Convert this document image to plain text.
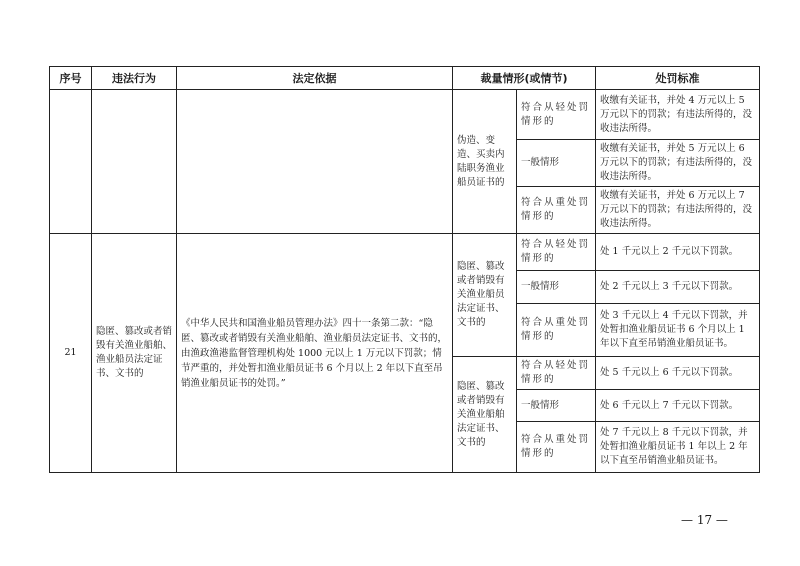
序号	违法行为	法定依据	裁量情形(或情节)		处罚标准
			伪造、变造、买卖内陆职务渔业船员证书的	符合从轻处罚情形的	收缴有关证书，并处 4 万元以上 5 万元以下的罚款；有违法所得的，没收违法所得。
				一般情形	收缴有关证书，并处 5 万元以上 6 万元以下的罚款；有违法所得的，没收违法所得。
				符合从重处罚情形的	收缴有关证书，并处 6 万元以上 7 万元以下的罚款；有违法所得的，没收违法所得。
21	隐匿、篡改或者销毁有关渔业船舶、渔业船员法定证书、文书的	《中华人民共和国渔业船员管理办法》四十一条第二款：“隐匿、篡改或者销毁有关渔业船舶、渔业船员法定证书、文书的，由渔政渔港监督管理机构处 1000 元以上 1 万元以下罚款；情节严重的，并处暂扣渔业船员证书 6 个月以上 2 年以下直至吊销渔业船员证书的处罚。”	隐匿、篡改或者销毁有关渔业船员法定证书、文书的	符合从轻处罚情形的	处 1 千元以上 2 千元以下罚款。
				一般情形	处 2 千元以上 3 千元以下罚款。
				符合从重处罚情形的	处 3 千元以上 4 千元以下罚款，并处暂扣渔业船员证书 6 个月以上 1 年以下直至吊销渔业船员证书。
			隐匿、篡改或者销毁有关渔业船舶法定证书、文书的	符合从轻处罚情形的	处 5 千元以上 6 千元以下罚款。
				一般情形	处 6 千元以上 7 千元以下罚款。
				符合从重处罚情形的	处 7 千元以上 8 千元以下罚款，并处暂扣渔业船员证书 1 年以上 2 年以下直至吊销渔业船员证书。
— 17 —
